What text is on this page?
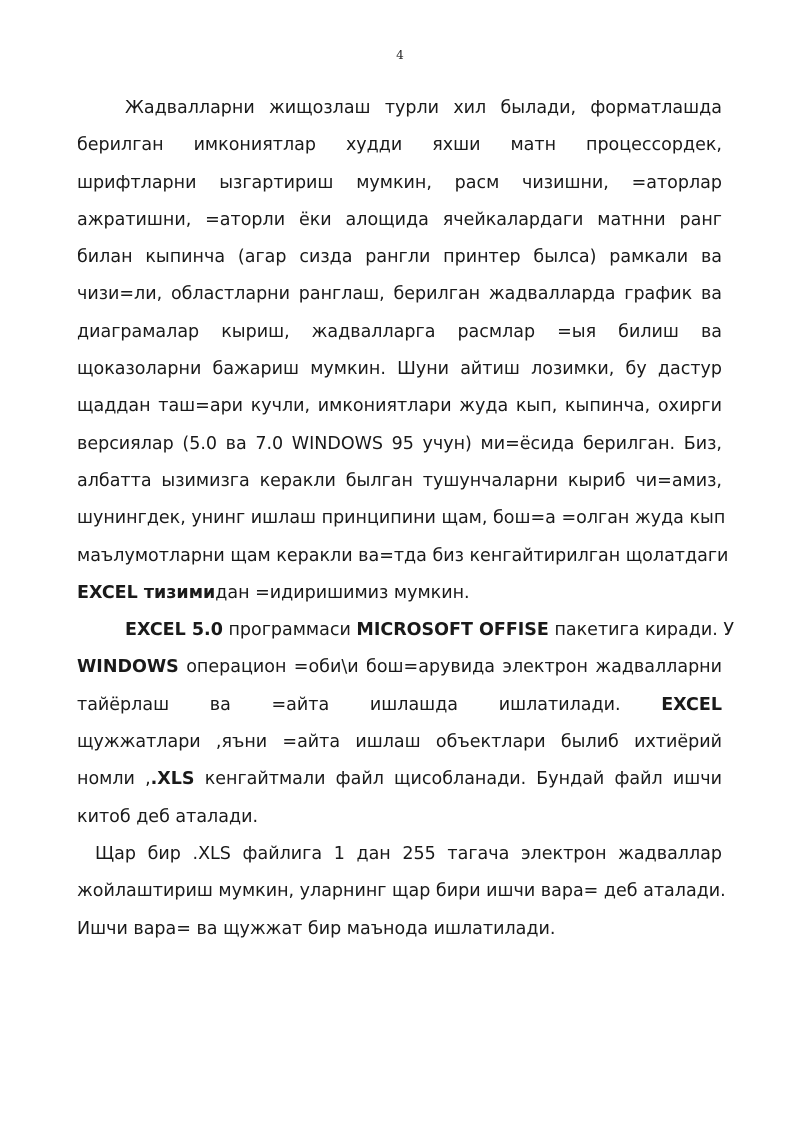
4
Жадвалларни жищозлаш турли хил былади, форматлашда
берилган имкониятлар худди яхши матн процессордек,
шрифтларни ызгартириш мумкин, расм чизишни, =аторлар
ажратишни, =аторли ёки алощида ячейкалардаги матнни ранг
билан кыпинча (агар сизда рангли принтер былса) рамкали ва
чизи=ли, областларни ранглаш, берилган жадвалларда график ва
диаграмалар кыриш, жадвалларга расмлар =ыя билиш ва
щоказоларни бажариш мумкин. Шуни айтиш лозимки, бу дастур
щаддан таш=ари кучли, имкониятлари жуда кып, кыпинча, охирги
версиялар (5.0 ва 7.0 WINDOWS 95 учун) ми=ёсида берилган. Биз,
албатта ызимизга керакли былган тушунчаларни кыриб чи=амиз,
шунингдек, унинг ишлаш принципини щам, бош=а =олган жуда кып
маълумотларни щам керакли ва=тда биз кенгайтирилган щолатдаги
EXCEL тизимидан =идиришимиз мумкин.
EXCEL 5.0 программаси MICROSOFT OFFISE пакетига киради. У
WINDOWS операцион =оби\и бош=арувида электрон жадвалларни
тайёрлаш ва =айта ишлашда ишлатилади. EXCEL
щужжатлари ,яъни =айта ишлаш объектлари былиб ихтиёрий
номли ,.XLS кенгайтмали файл щисобланади. Бундай файл ишчи
китоб деб аталади.
Щар бир .XLS файлига 1 дан 255 тагача электрон жадваллар
жойлаштириш мумкин, уларнинг щар бири ишчи вара= деб аталади.
Ишчи вара= ва щужжат бир маънода ишлатилади.
